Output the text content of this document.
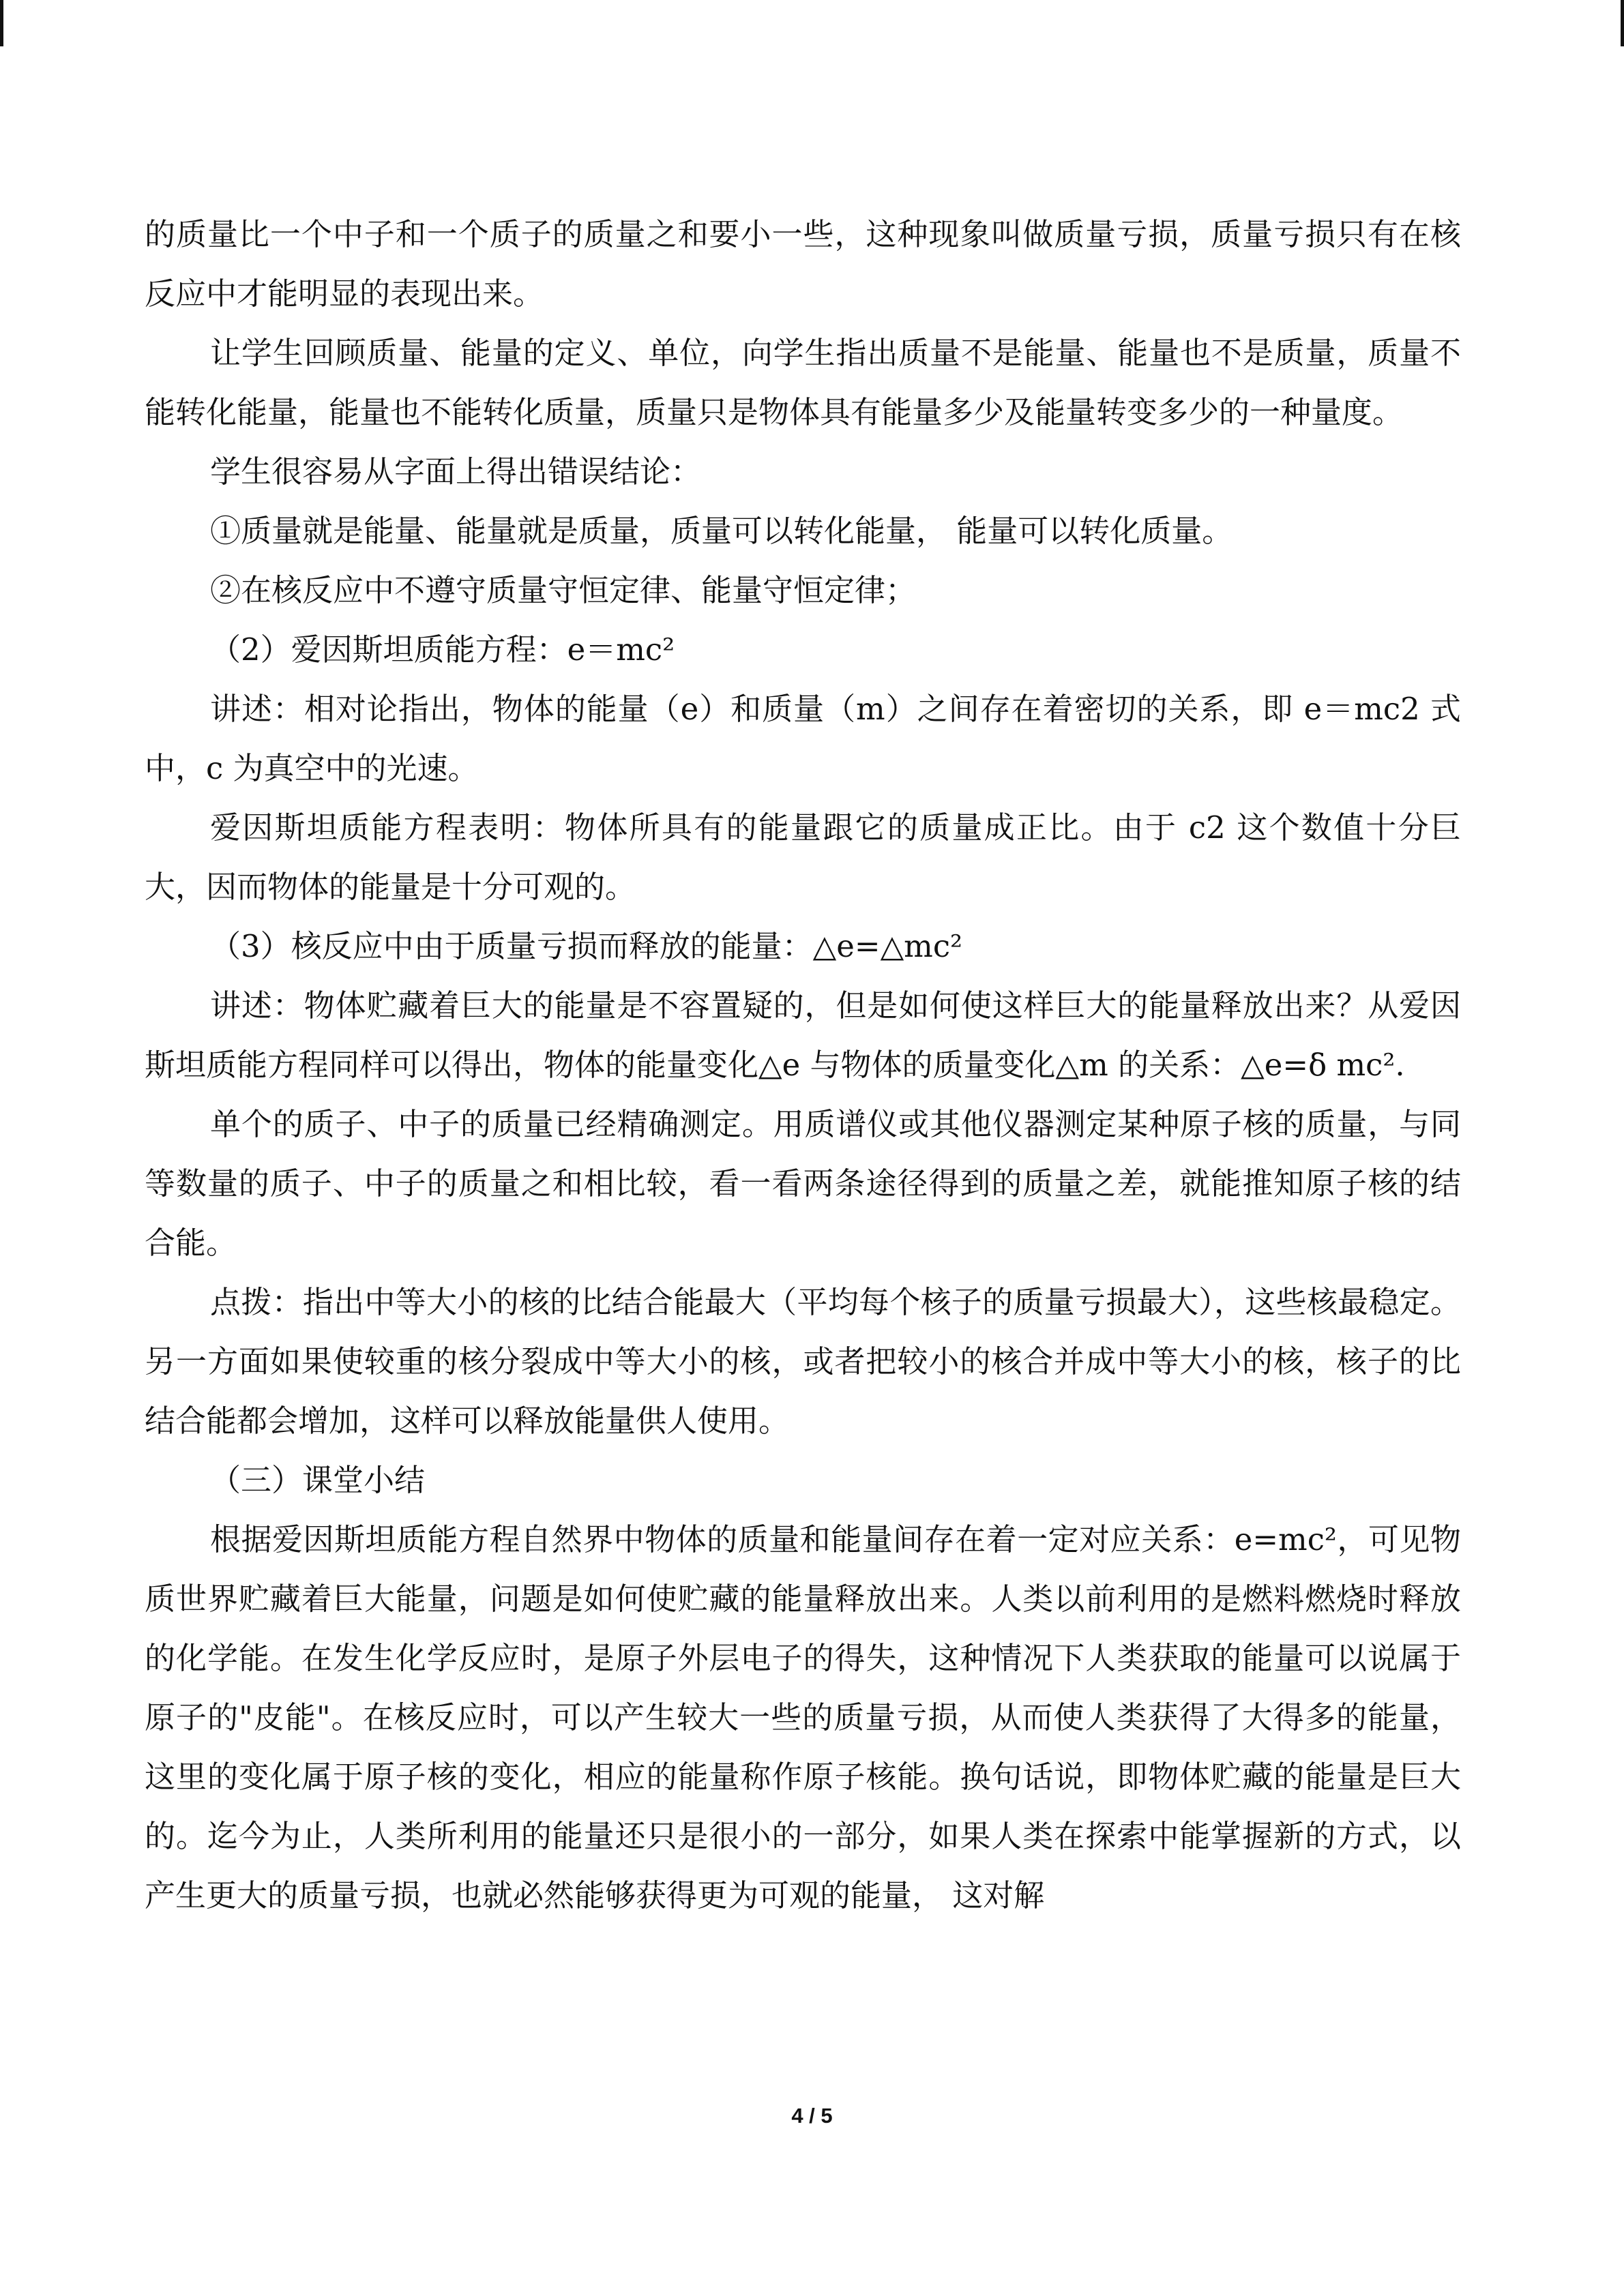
的质量比一个中子和一个质子的质量之和要小一些，这种现象叫做质量亏损，质量亏损只有在核反应中才能明显的表现出来。

让学生回顾质量、能量的定义、单位，向学生指出质量不是能量、能量也不是质量，质量不能转化能量，能量也不能转化质量，质量只是物体具有能量多少及能量转变多少的一种量度。

学生很容易从字面上得出错误结论：

①质量就是能量、能量就是质量，质量可以转化能量， 能量可以转化质量。

②在核反应中不遵守质量守恒定律、能量守恒定律；

（2）爱因斯坦质能方程：e＝mc²

讲述：相对论指出，物体的能量（e）和质量（m）之间存在着密切的关系，即 e＝mc2 式中，c 为真空中的光速。

爱因斯坦质能方程表明：物体所具有的能量跟它的质量成正比。由于 c2 这个数值十分巨大，因而物体的能量是十分可观的。

（3）核反应中由于质量亏损而释放的能量：△e=△mc²

讲述：物体贮藏着巨大的能量是不容置疑的，但是如何使这样巨大的能量释放出来？从爱因斯坦质能方程同样可以得出，物体的能量变化△e 与物体的质量变化△m 的关系：△e=δ mc².

单个的质子、中子的质量已经精确测定。用质谱仪或其他仪器测定某种原子核的质量，与同等数量的质子、中子的质量之和相比较，看一看两条途径得到的质量之差，就能推知原子核的结合能。

点拨：指出中等大小的核的比结合能最大（平均每个核子的质量亏损最大），这些核最稳定。另一方面如果使较重的核分裂成中等大小的核，或者把较小的核合并成中等大小的核，核子的比结合能都会增加，这样可以释放能量供人使用。

（三）课堂小结

根据爱因斯坦质能方程自然界中物体的质量和能量间存在着一定对应关系：e=mc²，可见物质世界贮藏着巨大能量，问题是如何使贮藏的能量释放出来。人类以前利用的是燃料燃烧时释放的化学能。在发生化学反应时，是原子外层电子的得失，这种情况下人类获取的能量可以说属于原子的"皮能"。在核反应时，可以产生较大一些的质量亏损，从而使人类获得了大得多的能量，这里的变化属于原子核的变化，相应的能量称作原子核能。换句话说，即物体贮藏的能量是巨大的。迄今为止，人类所利用的能量还只是很小的一部分，如果人类在探索中能掌握新的方式，以产生更大的质量亏损，也就必然能够获得更为可观的能量， 这对解

4 / 5
